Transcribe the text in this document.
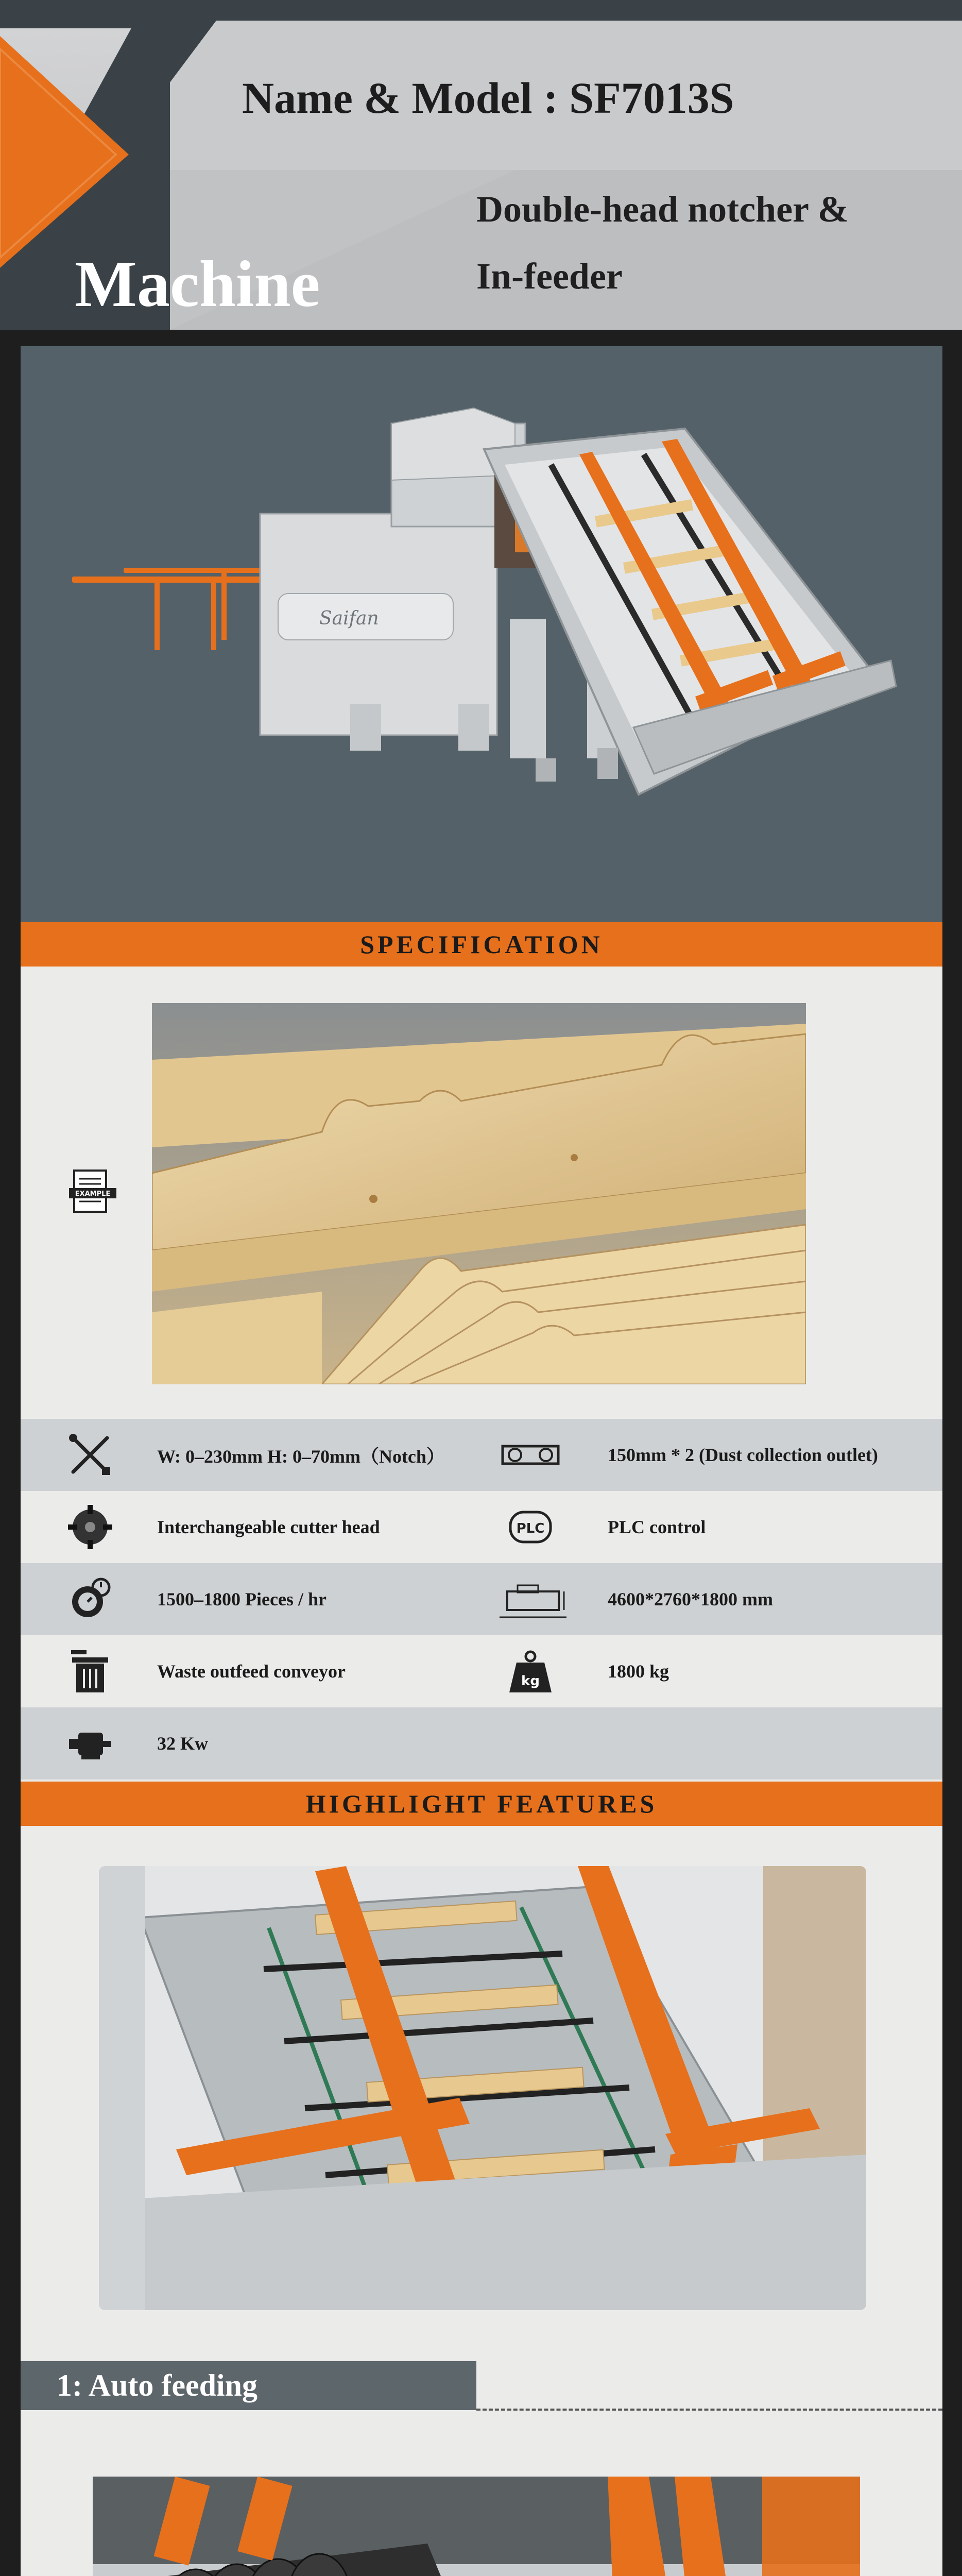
Name & Model : SF7013S
Double-head notcher &
In-feeder
Machine
Saifan
SPECIFICATION
EXAMPLE
W: 0–230mm H: 0–70mm（Notch）	150mm * 2 (Dust collection outlet)
Interchangeable cutter head	PLC	PLC control
1500–1800 Pieces / hr	4600*2760*1800 mm
Waste outfeed conveyor	kg	1800 kg
32 Kw
HIGHLIGHT FEATURES
1: Auto feeding
